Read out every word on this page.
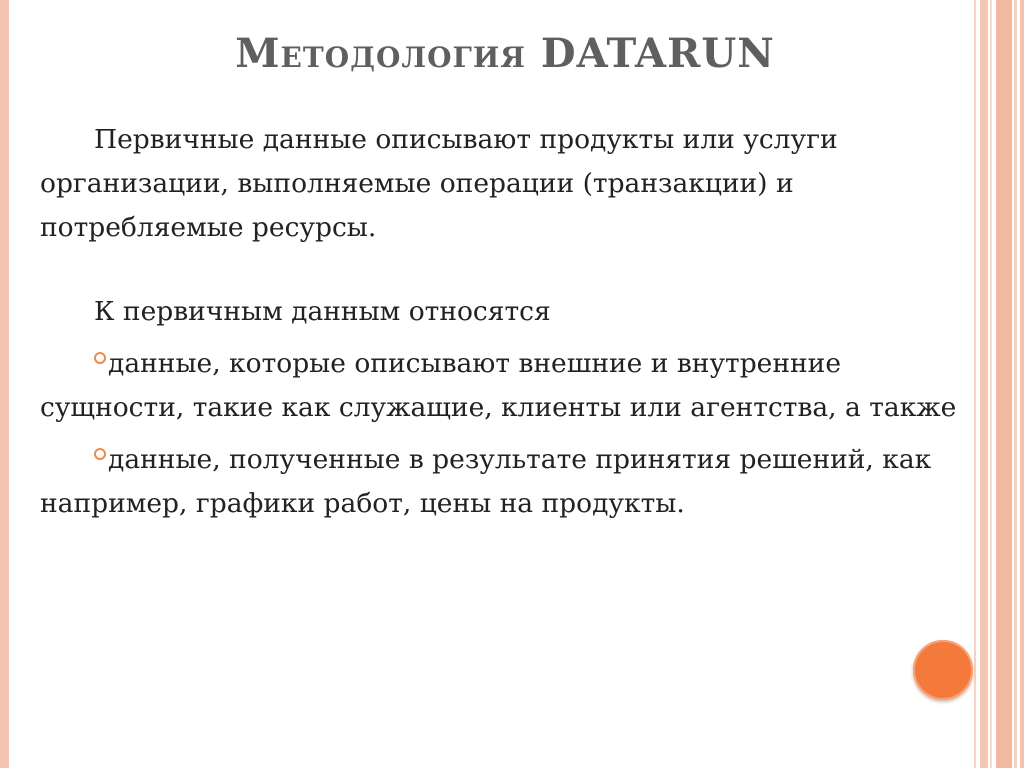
Методология DATARUN

Первичные данные описывают продукты или услуги организации, выполняемые операции (транзакции) и потребляемые ресурсы.

К первичным данным относятся

данные, которые описывают внешние и внутренние сущности, такие как служащие, клиенты или агентства, а также

данные, полученные в результате принятия решений, как например, графики работ, цены на продукты.
